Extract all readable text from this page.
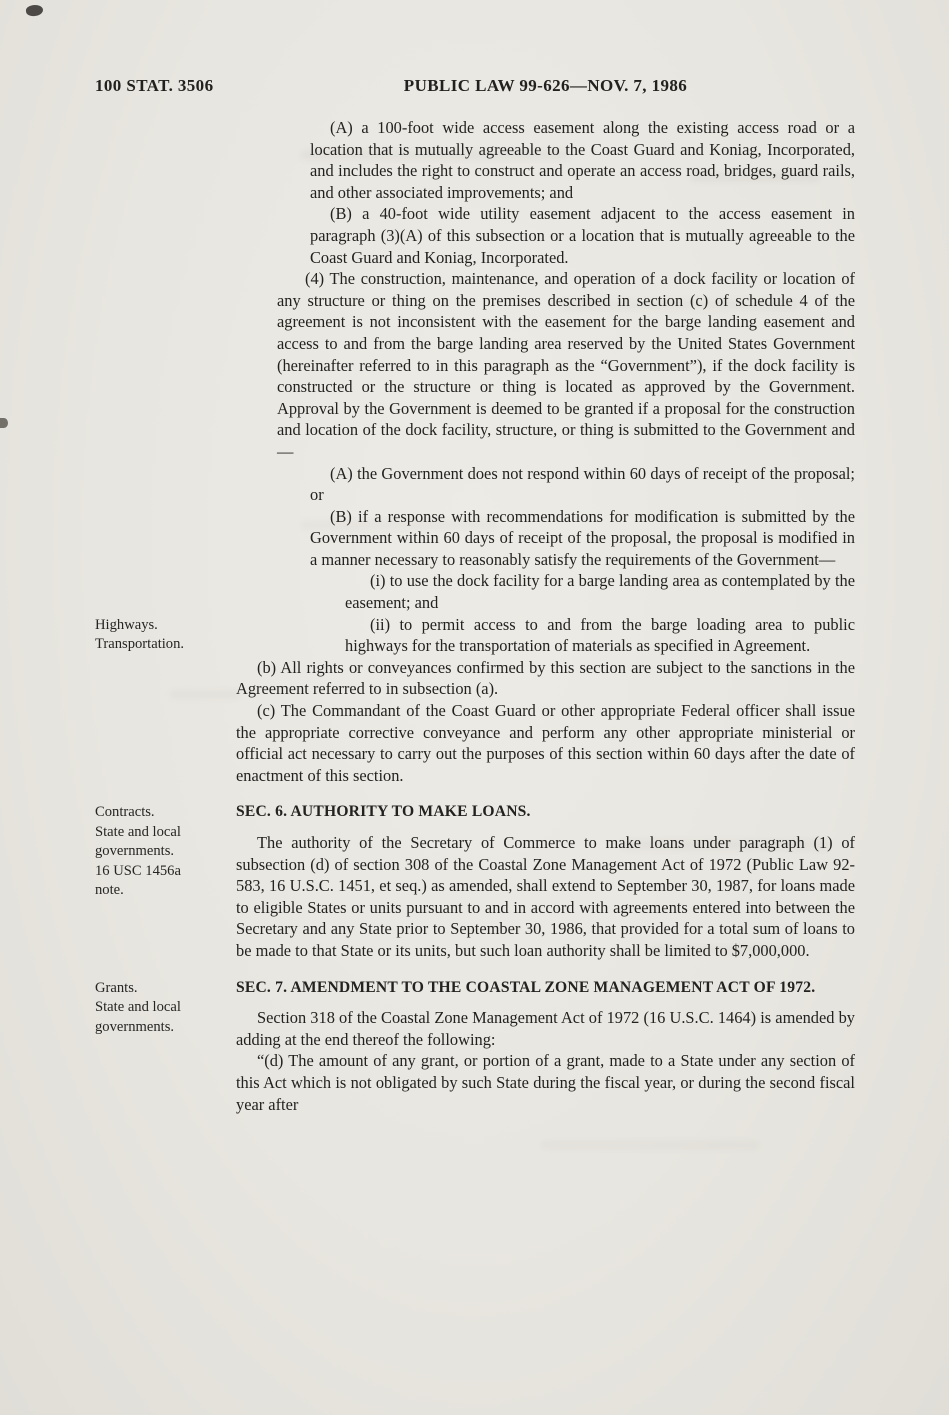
100 STAT. 3506	PUBLIC LAW 99-626—NOV. 7, 1986

(A) a 100-foot wide access easement along the existing access road or a location that is mutually agreeable to the Coast Guard and Koniag, Incorporated, and includes the right to construct and operate an access road, bridges, guard rails, and other associated improvements; and

(B) a 40-foot wide utility easement adjacent to the access easement in paragraph (3)(A) of this subsection or a location that is mutually agreeable to the Coast Guard and Koniag, Incorporated.

(4) The construction, maintenance, and operation of a dock facility or location of any structure or thing on the premises described in section (c) of schedule 4 of the agreement is not inconsistent with the easement for the barge landing easement and access to and from the barge landing area reserved by the United States Government (hereinafter referred to in this paragraph as the “Government”), if the dock facility is constructed or the structure or thing is located as approved by the Government. Approval by the Government is deemed to be granted if a proposal for the construction and location of the dock facility, structure, or thing is submitted to the Government and—

(A) the Government does not respond within 60 days of receipt of the proposal; or

(B) if a response with recommendations for modification is submitted by the Government within 60 days of receipt of the proposal, the proposal is modified in a manner necessary to reasonably satisfy the requirements of the Government—

(i) to use the dock facility for a barge landing area as contemplated by the easement; and

Highways.
Transportation.

(ii) to permit access to and from the barge loading area to public highways for the transportation of materials as specified in Agreement.

(b) All rights or conveyances confirmed by this section are subject to the sanctions in the Agreement referred to in subsection (a).

(c) The Commandant of the Coast Guard or other appropriate Federal officer shall issue the appropriate corrective conveyance and perform any other appropriate ministerial or official act necessary to carry out the purposes of this section within 60 days after the date of enactment of this section.

Contracts.
State and local
governments.
16 USC 1456a
note.

SEC. 6. AUTHORITY TO MAKE LOANS.

The authority of the Secretary of Commerce to make loans under paragraph (1) of subsection (d) of section 308 of the Coastal Zone Management Act of 1972 (Public Law 92-583, 16 U.S.C. 1451, et seq.) as amended, shall extend to September 30, 1987, for loans made to eligible States or units pursuant to and in accord with agreements entered into between the Secretary and any State prior to September 30, 1986, that provided for a total sum of loans to be made to that State or its units, but such loan authority shall be limited to $7,000,000.

Grants.
State and local
governments.

SEC. 7. AMENDMENT TO THE COASTAL ZONE MANAGEMENT ACT OF 1972.

Section 318 of the Coastal Zone Management Act of 1972 (16 U.S.C. 1464) is amended by adding at the end thereof the following:

“(d) The amount of any grant, or portion of a grant, made to a State under any section of this Act which is not obligated by such State during the fiscal year, or during the second fiscal year after
